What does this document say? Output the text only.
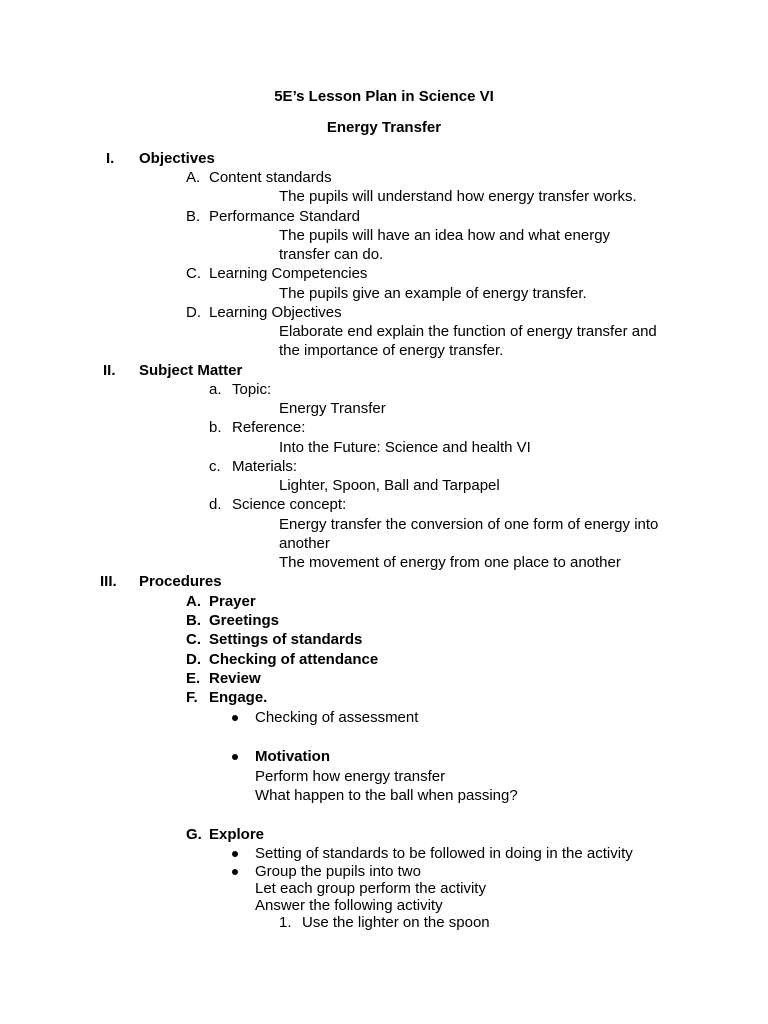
5E’s Lesson Plan in Science VI
Energy Transfer
I. Objectives
A. Content standards
The pupils will understand how energy transfer works.
B. Performance Standard
The pupils will have an idea how and what energy
transfer can do.
C. Learning Competencies
The pupils give an example of energy transfer.
D. Learning Objectives
Elaborate end explain the function of energy transfer and
the importance of energy transfer.
II. Subject Matter
a. Topic:
Energy Transfer
b. Reference:
Into the Future: Science and health VI
c. Materials:
Lighter, Spoon, Ball and Tarpapel
d. Science concept:
Energy transfer the conversion of one form of energy into
another
The movement of energy from one place to another
III. Procedures
A. Prayer
B. Greetings
C. Settings of standards
D. Checking of attendance
E. Review
F. Engage.
Checking of assessment
Motivation
Perform how energy transfer
What happen to the ball when passing?
G. Explore
Setting of standards to be followed in doing in the activity
Group the pupils into two
Let each group perform the activity
Answer the following activity
1. Use the lighter on the spoon
